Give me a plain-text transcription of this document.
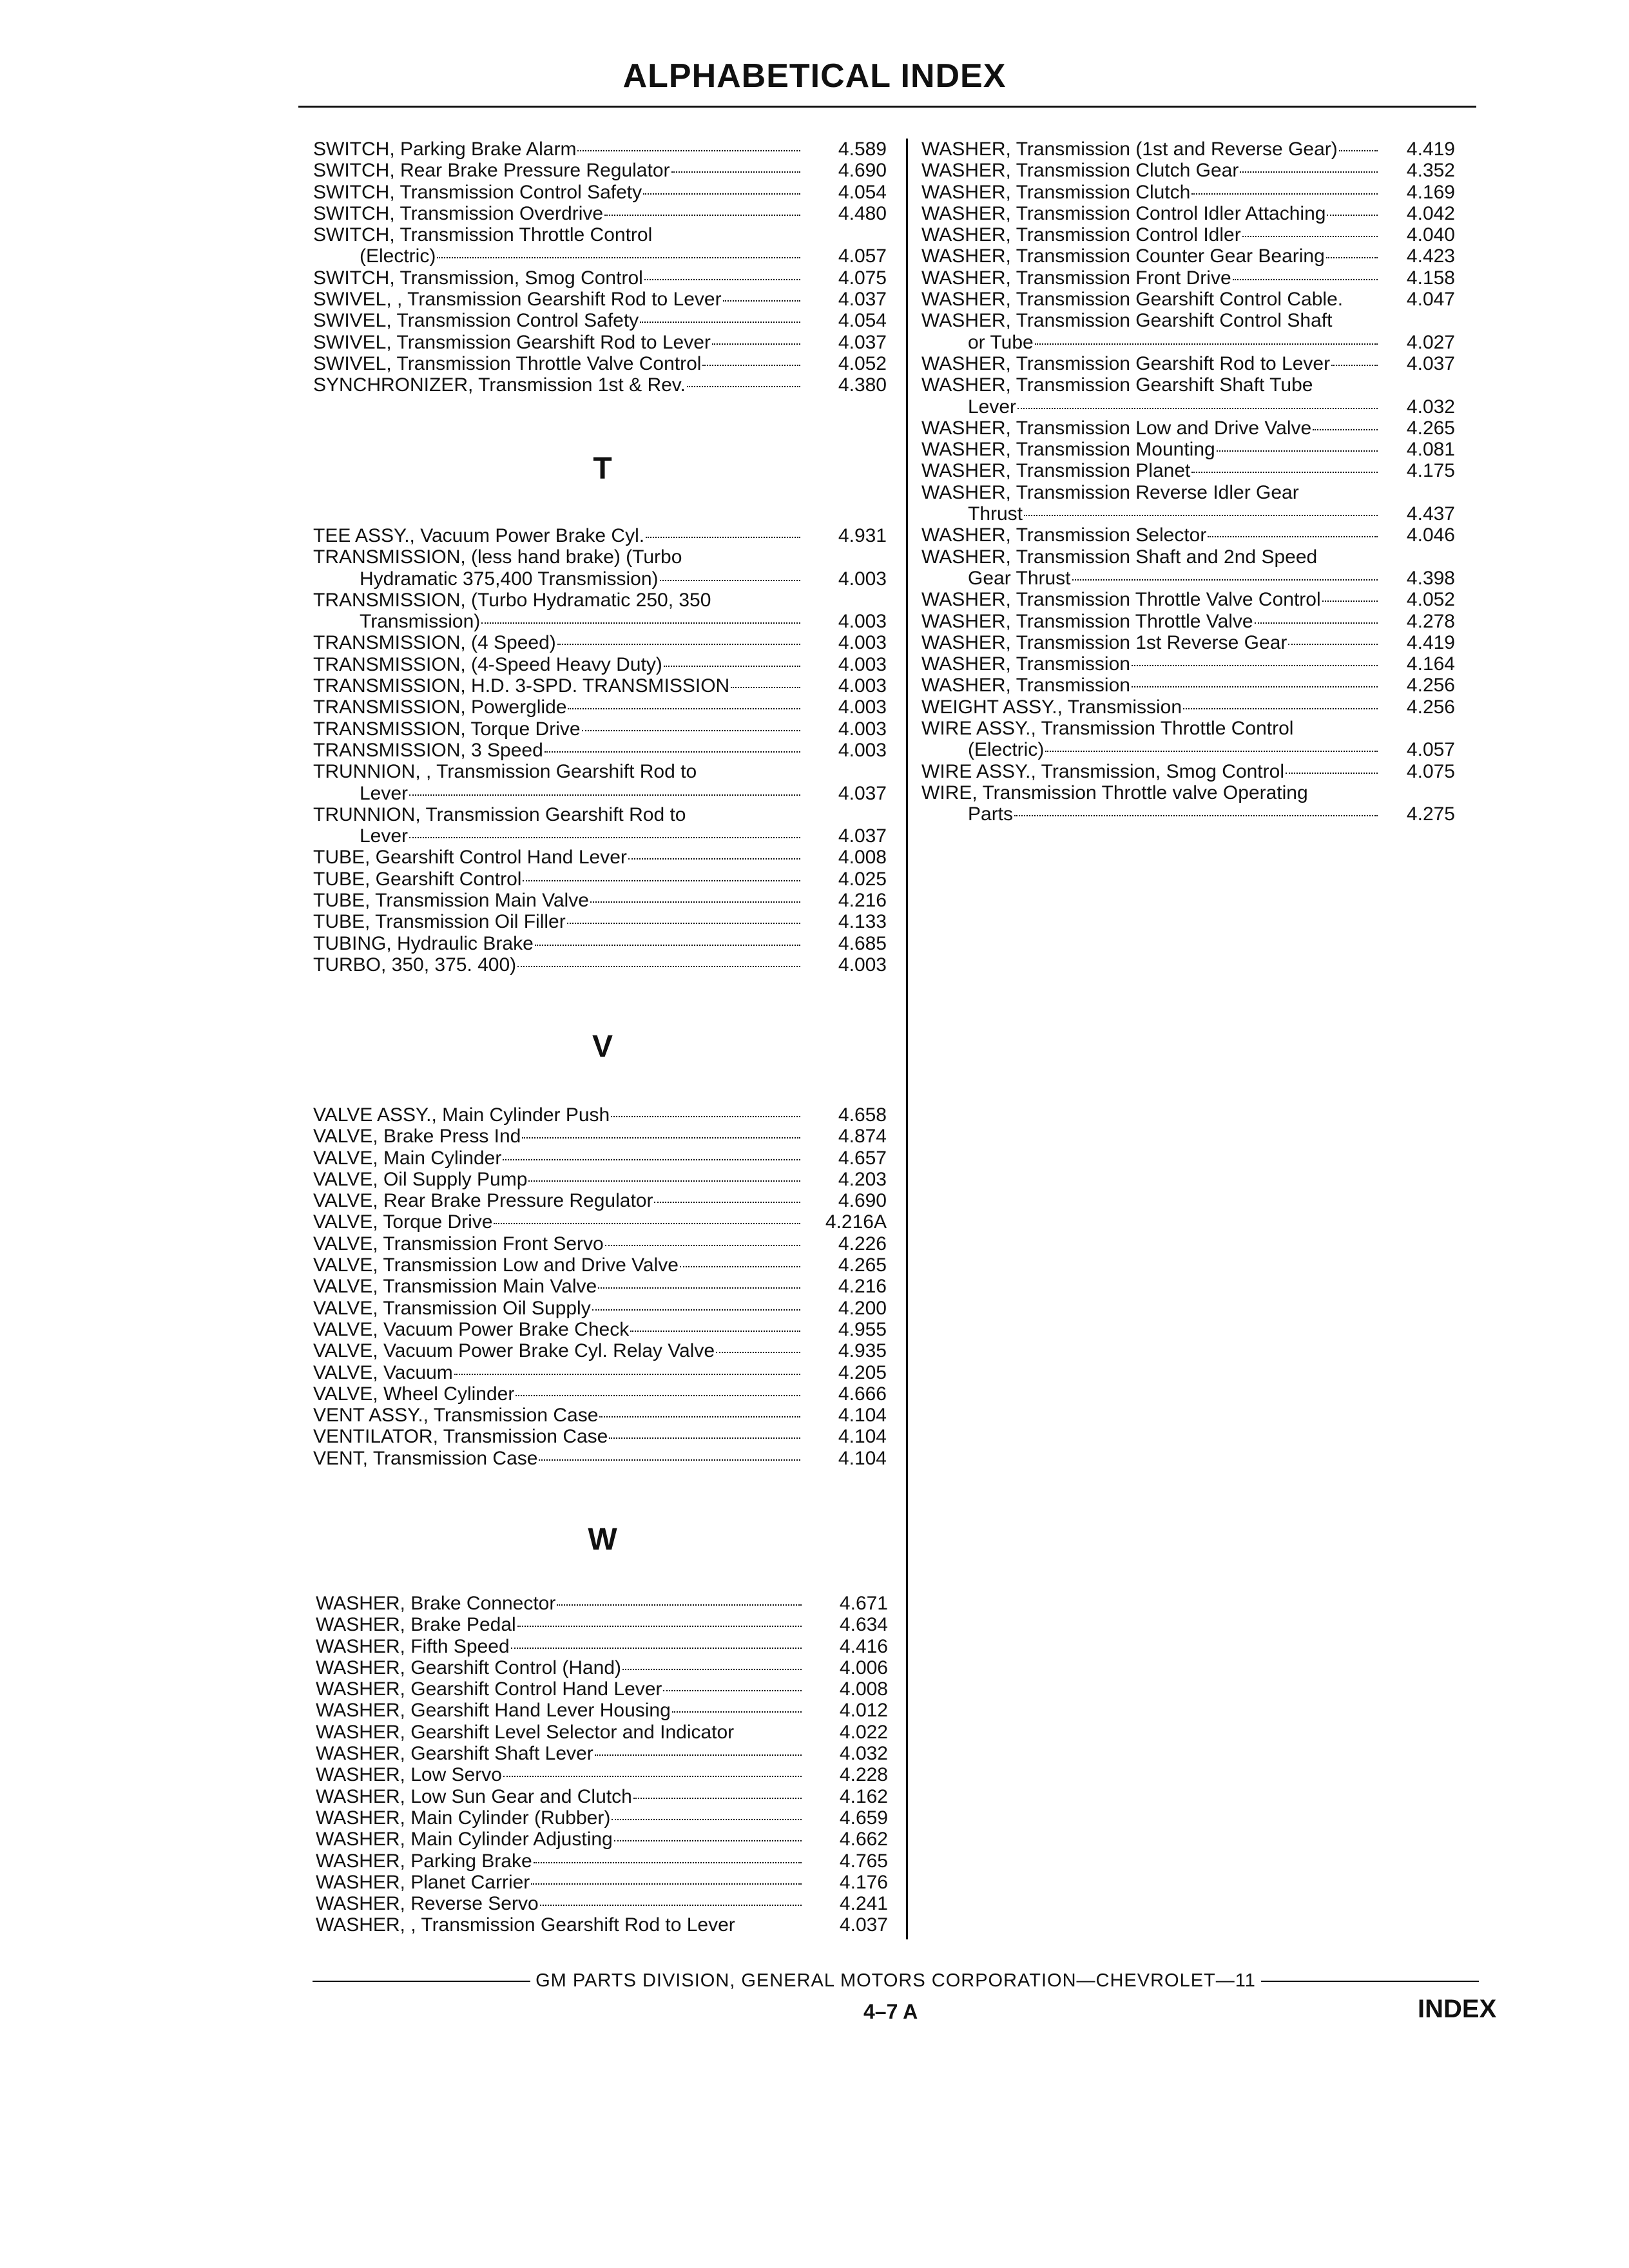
ALPHABETICAL INDEX
SWITCH, Parking Brake Alarm	4.589
SWITCH, Rear Brake Pressure Regulator	4.690
SWITCH, Transmission Control Safety	4.054
SWITCH, Transmission Overdrive	4.480
SWITCH, Transmission Throttle Control
(Electric)	4.057
SWITCH, Transmission, Smog Control	4.075
SWIVEL, , Transmission Gearshift Rod to Lever	4.037
SWIVEL, Transmission Control Safety	4.054
SWIVEL, Transmission Gearshift Rod to Lever	4.037
SWIVEL, Transmission Throttle Valve Control	4.052
SYNCHRONIZER, Transmission 1st & Rev.	4.380
T
TEE ASSY., Vacuum Power Brake Cyl.	4.931
TRANSMISSION, (less hand brake) (Turbo
Hydramatic 375,400 Transmission)	4.003
TRANSMISSION, (Turbo Hydramatic 250, 350
Transmission)	4.003
TRANSMISSION, (4 Speed)	4.003
TRANSMISSION, (4-Speed Heavy Duty)	4.003
TRANSMISSION, H.D. 3-SPD. TRANSMISSION	4.003
TRANSMISSION, Powerglide	4.003
TRANSMISSION, Torque Drive	4.003
TRANSMISSION, 3 Speed	4.003
TRUNNION, , Transmission Gearshift Rod to
Lever	4.037
TRUNNION, Transmission Gearshift Rod to
Lever	4.037
TUBE, Gearshift Control Hand Lever	4.008
TUBE, Gearshift Control	4.025
TUBE, Transmission Main Valve	4.216
TUBE, Transmission Oil Filler	4.133
TUBING, Hydraulic Brake	4.685
TURBO, 350, 375. 400)	4.003
V
VALVE ASSY., Main Cylinder Push	4.658
VALVE, Brake Press Ind	4.874
VALVE, Main Cylinder	4.657
VALVE, Oil Supply Pump	4.203
VALVE, Rear Brake Pressure Regulator	4.690
VALVE, Torque Drive	4.216A
VALVE, Transmission Front Servo	4.226
VALVE, Transmission Low and Drive Valve	4.265
VALVE, Transmission Main Valve	4.216
VALVE, Transmission Oil Supply	4.200
VALVE, Vacuum Power Brake Check	4.955
VALVE, Vacuum Power Brake Cyl. Relay Valve	4.935
VALVE, Vacuum	4.205
VALVE, Wheel Cylinder	4.666
VENT ASSY., Transmission Case	4.104
VENTILATOR, Transmission Case	4.104
VENT, Transmission Case	4.104
W
WASHER, Brake Connector	4.671
WASHER, Brake Pedal	4.634
WASHER, Fifth Speed	4.416
WASHER, Gearshift Control (Hand)	4.006
WASHER, Gearshift Control Hand Lever	4.008
WASHER, Gearshift Hand Lever Housing	4.012
WASHER, Gearshift Level Selector and Indicator	4.022
WASHER, Gearshift Shaft Lever	4.032
WASHER, Low Servo	4.228
WASHER, Low Sun Gear and Clutch	4.162
WASHER, Main Cylinder (Rubber)	4.659
WASHER, Main Cylinder Adjusting	4.662
WASHER, Parking Brake	4.765
WASHER, Planet Carrier	4.176
WASHER, Reverse Servo	4.241
WASHER, , Transmission Gearshift Rod to Lever	4.037
WASHER, Transmission (1st and Reverse Gear)	4.419
WASHER, Transmission Clutch Gear	4.352
WASHER, Transmission Clutch	4.169
WASHER, Transmission Control Idler Attaching	4.042
WASHER, Transmission Control Idler	4.040
WASHER, Transmission Counter Gear Bearing	4.423
WASHER, Transmission Front Drive	4.158
WASHER, Transmission Gearshift Control Cable.	4.047
WASHER, Transmission Gearshift Control Shaft
or Tube	4.027
WASHER, Transmission Gearshift Rod to Lever	4.037
WASHER, Transmission Gearshift Shaft Tube
Lever	4.032
WASHER, Transmission Low and Drive Valve	4.265
WASHER, Transmission Mounting	4.081
WASHER, Transmission Planet	4.175
WASHER, Transmission Reverse Idler Gear
Thrust	4.437
WASHER, Transmission Selector	4.046
WASHER, Transmission Shaft and 2nd Speed
Gear Thrust	4.398
WASHER, Transmission Throttle Valve Control	4.052
WASHER, Transmission Throttle Valve	4.278
WASHER, Transmission 1st Reverse Gear	4.419
WASHER, Transmission	4.164
WASHER, Transmission	4.256
WEIGHT ASSY., Transmission	4.256
WIRE ASSY., Transmission Throttle Control
(Electric)	4.057
WIRE ASSY., Transmission, Smog Control	4.075
WIRE, Transmission Throttle valve Operating
Parts	4.275
GM PARTS DIVISION, GENERAL MOTORS CORPORATION—CHEVROLET—11
4–7 A	INDEX
